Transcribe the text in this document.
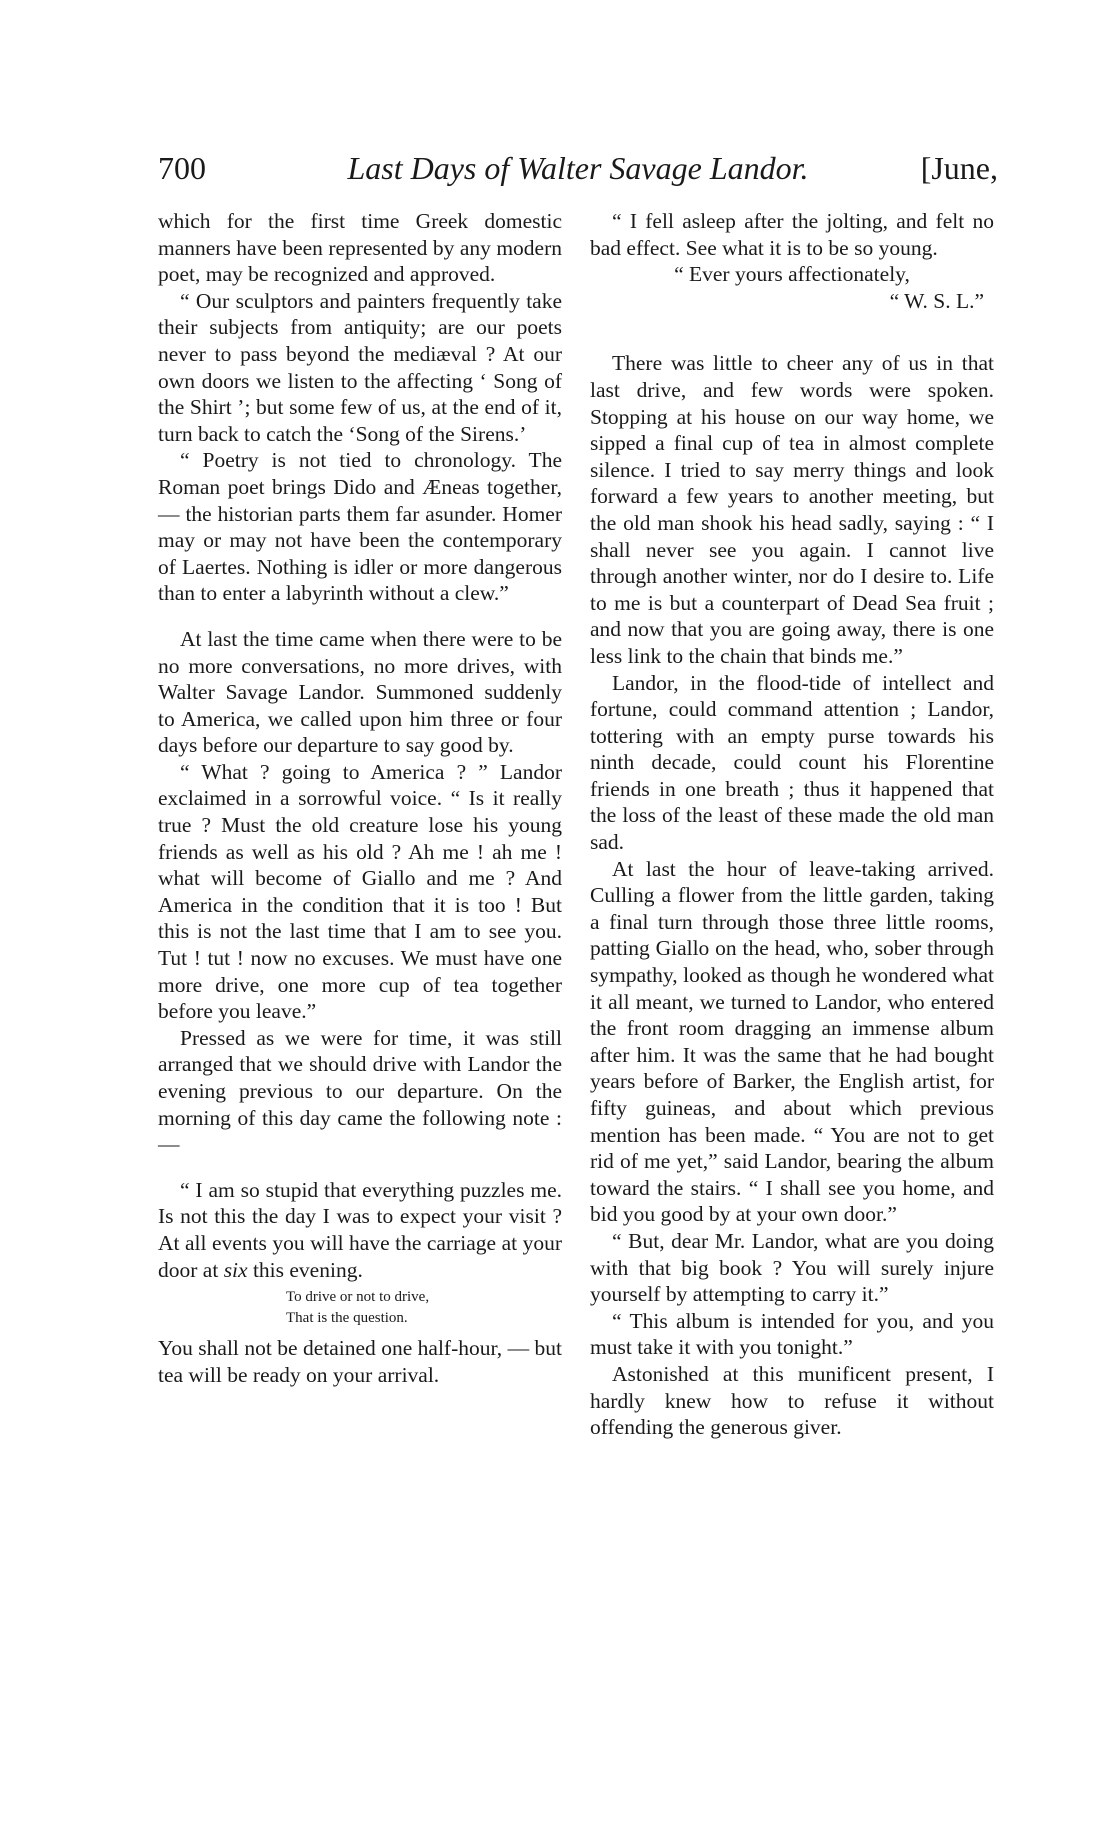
700	Last Days of Walter Savage Landor.	[June,

which for the first time Greek domestic manners have been represented by any modern poet, may be recognized and approved.

“ Our sculptors and painters frequently take their subjects from antiquity; are our poets never to pass beyond the mediæval ? At our own doors we listen to the affecting ‘ Song of the Shirt ’; but some few of us, at the end of it, turn back to catch the ‘Song of the Sirens.’

“ Poetry is not tied to chronology. The Roman poet brings Dido and Æneas together, — the historian parts them far asunder. Homer may or may not have been the contemporary of Laertes. Nothing is idler or more dangerous than to enter a labyrinth without a clew.”

At last the time came when there were to be no more conversations, no more drives, with Walter Savage Landor. Summoned suddenly to America, we called upon him three or four days before our departure to say good by.

“ What ? going to America ? ” Landor exclaimed in a sorrowful voice. “ Is it really true ? Must the old creature lose his young friends as well as his old ? Ah me ! ah me ! what will become of Giallo and me ? And America in the condition that it is too ! But this is not the last time that I am to see you. Tut ! tut ! now no excuses. We must have one more drive, one more cup of tea together before you leave.”

Pressed as we were for time, it was still arranged that we should drive with Landor the evening previous to our departure. On the morning of this day came the following note : —

“ I am so stupid that everything puzzles me. Is not this the day I was to expect your visit ? At all events you will have the carriage at your door at six this evening.

To drive or not to drive,
That is the question.

You shall not be detained one half-hour, — but tea will be ready on your arrival.

“ I fell asleep after the jolting, and felt no bad effect. See what it is to be so young.

“ Ever yours affectionately,

“ W. S. L.”

There was little to cheer any of us in that last drive, and few words were spoken. Stopping at his house on our way home, we sipped a final cup of tea in almost complete silence. I tried to say merry things and look forward a few years to another meeting, but the old man shook his head sadly, saying : “ I shall never see you again. I cannot live through another winter, nor do I desire to. Life to me is but a counterpart of Dead Sea fruit ; and now that you are going away, there is one less link to the chain that binds me.”

Landor, in the flood-tide of intellect and fortune, could command attention ; Landor, tottering with an empty purse towards his ninth decade, could count his Florentine friends in one breath ; thus it happened that the loss of the least of these made the old man sad.

At last the hour of leave-taking arrived. Culling a flower from the little garden, taking a final turn through those three little rooms, patting Giallo on the head, who, sober through sympathy, looked as though he wondered what it all meant, we turned to Landor, who entered the front room dragging an immense album after him. It was the same that he had bought years before of Barker, the English artist, for fifty guineas, and about which previous mention has been made. “ You are not to get rid of me yet,” said Landor, bearing the album toward the stairs. “ I shall see you home, and bid you good by at your own door.”

“ But, dear Mr. Landor, what are you doing with that big book ? You will surely injure yourself by attempting to carry it.”

“ This album is intended for you, and you must take it with you tonight.”

Astonished at this munificent present, I hardly knew how to refuse it without offending the generous giver.
